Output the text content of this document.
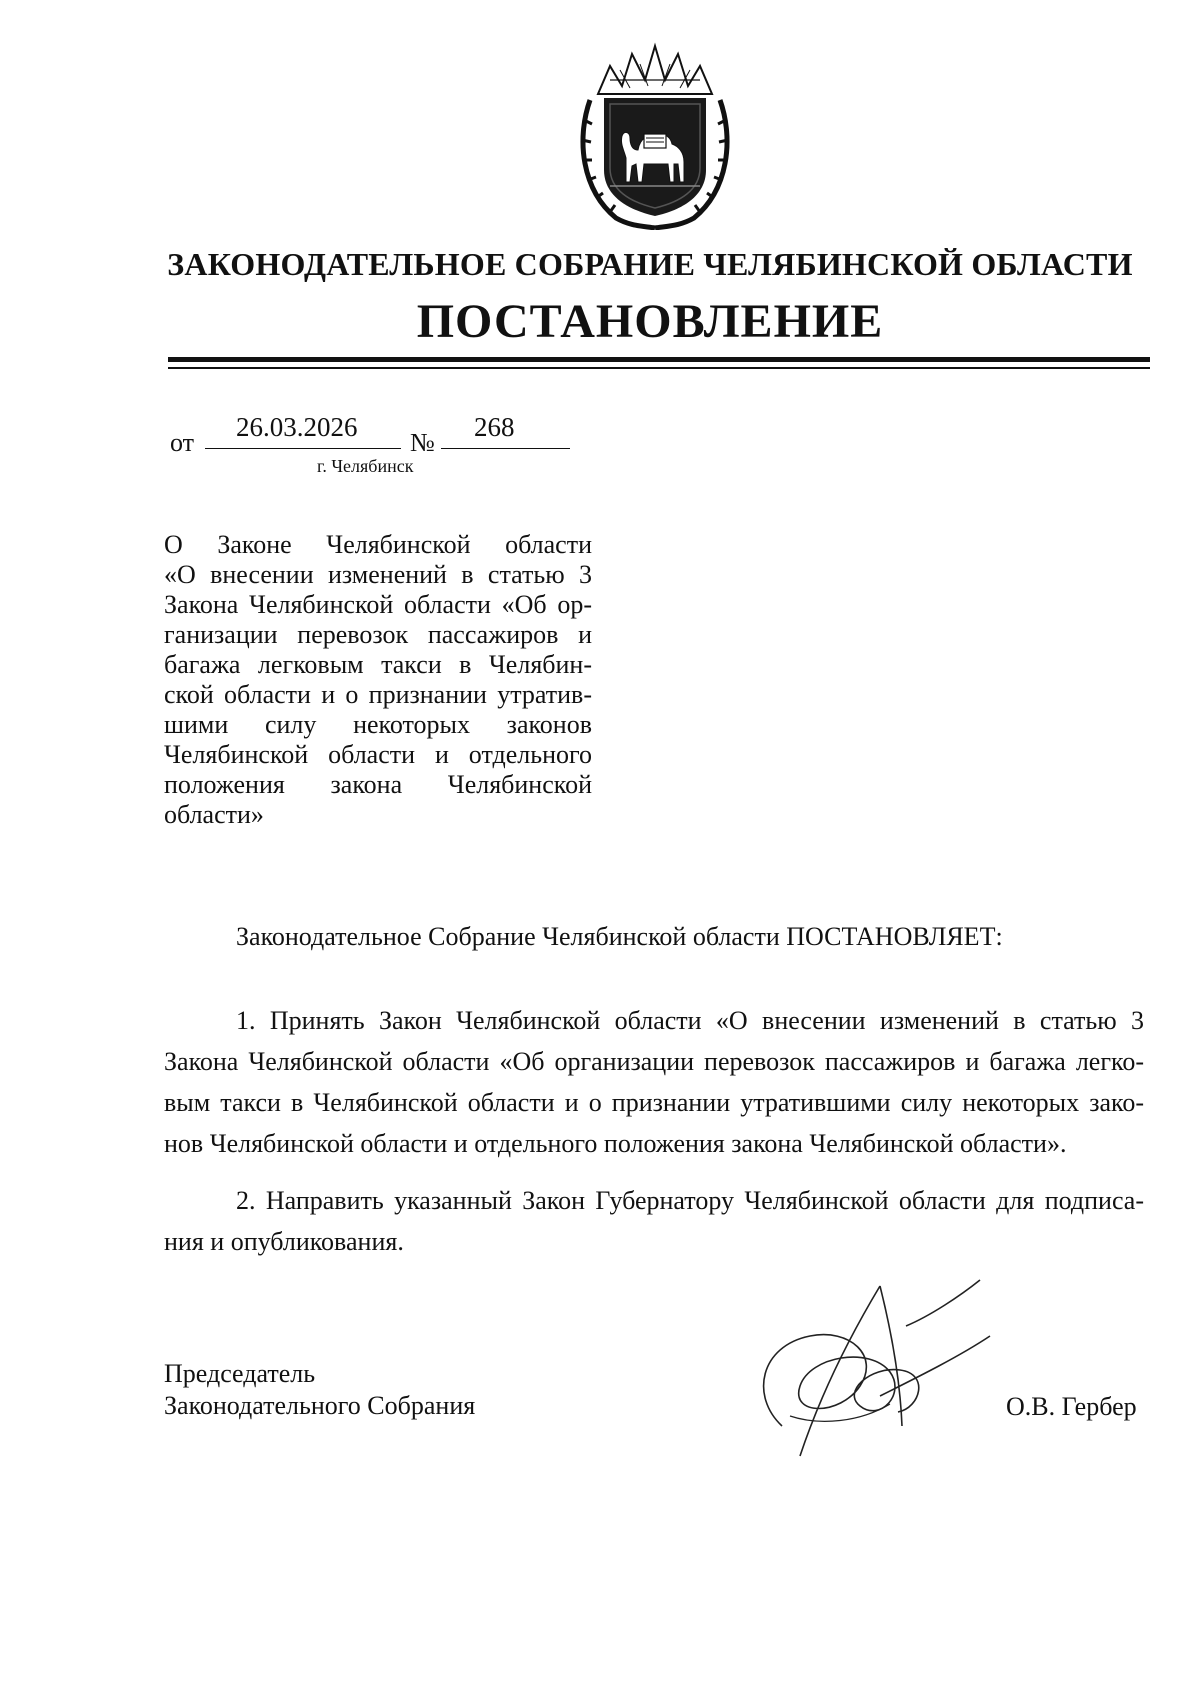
ЗАКОНОДАТЕЛЬНОЕ СОБРАНИЕ ЧЕЛЯБИНСКОЙ ОБЛАСТИ
ПОСТАНОВЛЕНИЕ
от
26.03.2026
№
268
г. Челябинск
О Законе Челябинской области
«О внесении изменений в статью 3
Закона Челябинской области «Об ор-
ганизации перевозок пассажиров и
багажа легковым такси в Челябин-
ской области и о признании утратив-
шими силу некоторых законов
Челябинской области и отдельного
положения закона Челябинской
области»
Законодательное Собрание Челябинской области ПОСТАНОВЛЯЕТ:
1. Принять Закон Челябинской области «О внесении изменений в статью 3
Закона Челябинской области «Об организации перевозок пассажиров и багажа легко-
вым такси в Челябинской области и о признании утратившими силу некоторых зако-
нов Челябинской области и отдельного положения закона Челябинской области».
2. Направить указанный Закон Губернатору Челябинской области для подписа-
ния и опубликования.
Председатель
Законодательного Собрания	О.В. Гербер
